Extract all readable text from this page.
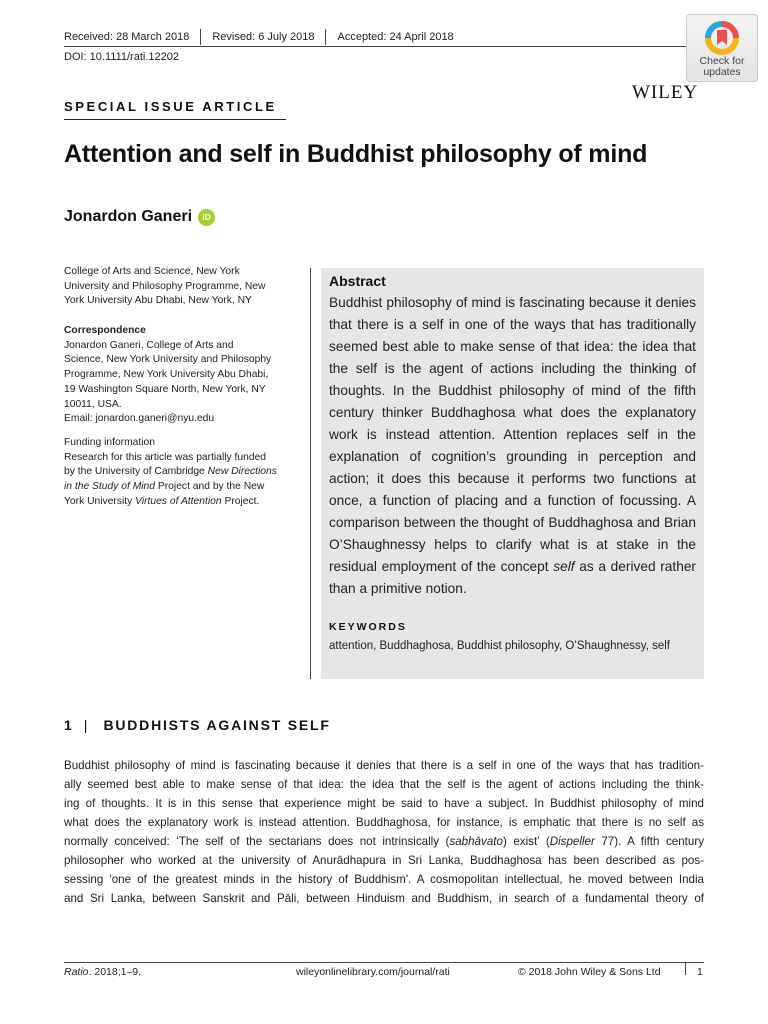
Received: 28 March 2018 Revised: 6 July 2018 Accepted: 24 April 2018
DOI: 10.1111/rati.12202	Check for
updates
WILEY
SPECIAL ISSUE ARTICLE
Attention and self in Buddhist philosophy of mind
Jonardon Ganeri	iD
College of Arts and Science, New York
University and Philosophy Programme, New
York University Abu Dhabi, New York, NY
Correspondence
Jonardon Ganeri, College of Arts and
Science, New York University and Philosophy
Programme, New York University Abu Dhabi,
19 Washington Square North, New York, NY
10011, USA.
Email: jonardon.ganeri@nyu.edu
Funding information
Research for this article was partially funded
by the University of Cambridge New Directions
in the Study of Mind Project and by the New
York University Virtues of Attention Project.
Abstract
Buddhist philosophy of mind is fascinating because it denies that there is a self in one of the ways that has traditionally seemed best able to make sense of that idea: the idea that the self is the agent of actions including the thinking of thoughts. In the Buddhist philosophy of mind of the fifth century thinker Buddhaghosa what does the explanatory work is instead attention. Attention replaces self in the explanation of cognition’s grounding in perception and action; it does this because it performs two functions at once, a function of placing and a function of focussing. A comparison between the thought of Buddhaghosa and Brian O’Shaughnessy helps to clarify what is at stake in the residual employment of the concept self as a derived rather than a primitive notion.
KEYWORDS
attention, Buddhaghosa, Buddhist philosophy, O’Shaughnessy, self
1 | BUDDHISTS AGAINST SELF
Buddhist philosophy of mind is fascinating because it denies that there is a self in one of the ways that has tradition-
ally seemed best able to make sense of that idea: the idea that the self is the agent of actions including the think-
ing of thoughts. It is in this sense that experience might be said to have a subject. In Buddhist philosophy of mind
what does the explanatory work is instead attention. Buddhaghosa, for instance, is emphatic that there is no self as
normally conceived: ‘The self of the sectarians does not intrinsically (sabhāvato) exist’ (Dispeller 77). A fifth century
philosopher who worked at the university of Anurādhapura in Sri Lanka, Buddhaghosa has been described as pos-
sessing 'one of the greatest minds in the history of Buddhism'. A cosmopolitan intellectual, he moved between India
and Sri Lanka, between Sanskrit and Pāli, between Hinduism and Buddhism, in search of a fundamental theory of
Ratio. 2018;1–9.	wileyonlinelibrary.com/journal/rati	© 2018 John Wiley & Sons Ltd	1
